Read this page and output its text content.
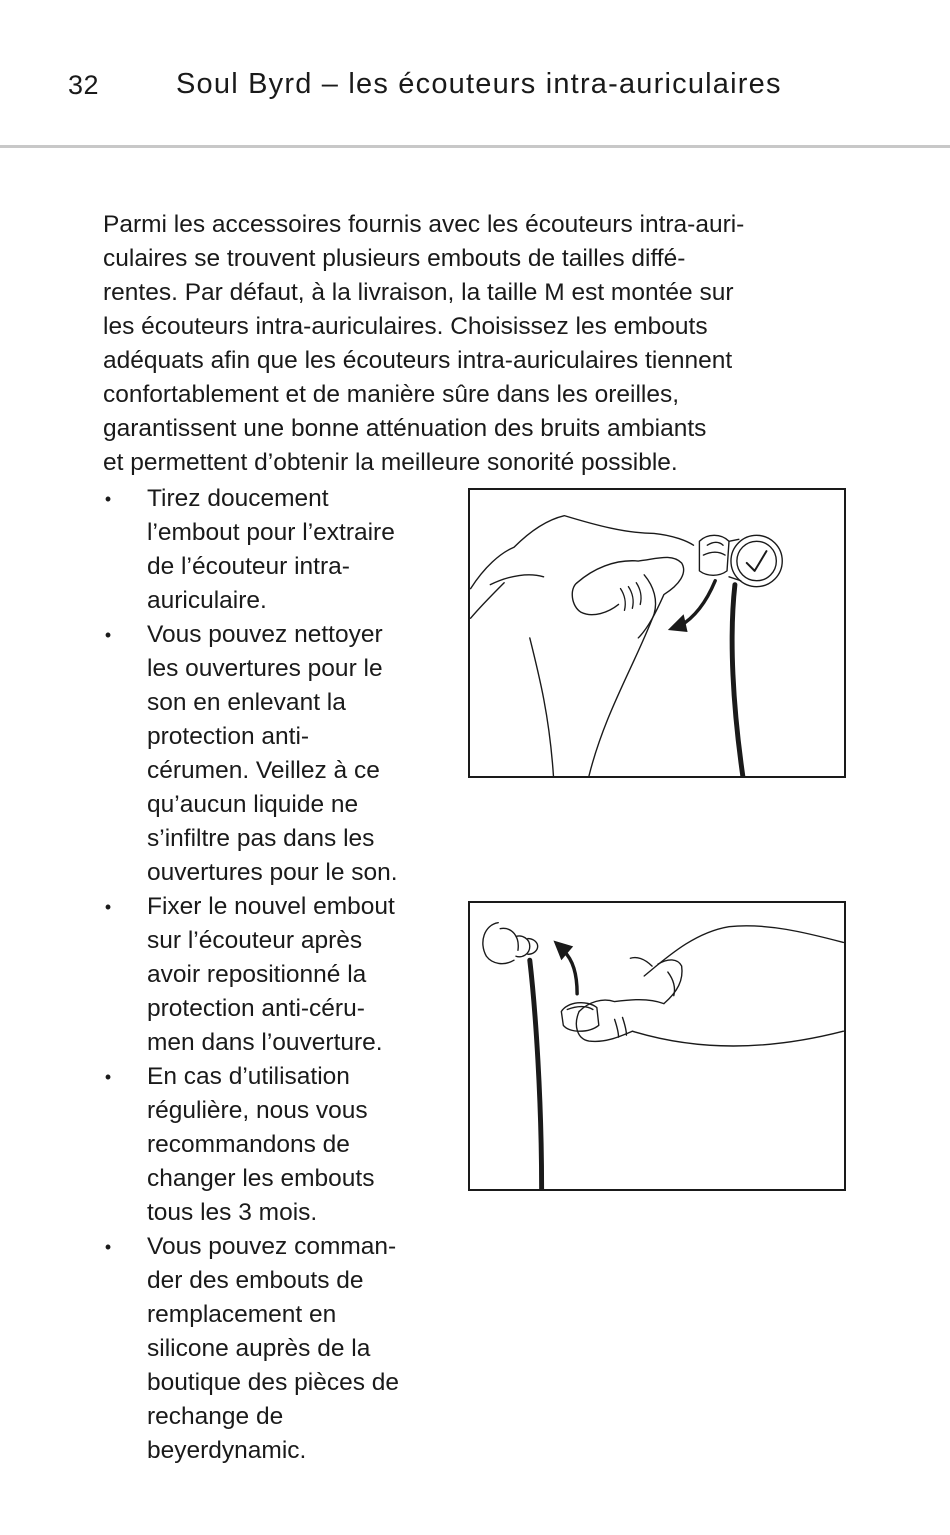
32	Soul Byrd – les écouteurs intra-auriculaires

Parmi les accessoires fournis avec les écouteurs intra-auri-
culaires se trouvent plusieurs embouts de tailles diffé-
rentes. Par défaut, à la livraison, la taille M est montée sur
les écouteurs intra-auriculaires. Choisissez les embouts
adéquats afin que les écouteurs intra-auriculaires tiennent
confortablement et de manière sûre dans les oreilles,
garantissent une bonne atténuation des bruits ambiants
et permettent d’obtenir la meilleure sonorité possible.

• Tirez doucement
l’embout pour l’extraire
de l’écouteur intra-
auriculaire.
• Vous pouvez nettoyer
les ouvertures pour le
son en enlevant la
protection anti-
cérumen. Veillez à ce
qu’aucun liquide ne
s’infiltre pas dans les
ouvertures pour le son.
• Fixer le nouvel embout
sur l’écouteur après
avoir repositionné la
protection anti-céru-
men dans l’ouverture.
• En cas d’utilisation
régulière, nous vous
recommandons de
changer les embouts
tous les 3 mois.
• Vous pouvez comman-
der des embouts de
remplacement en
silicone auprès de la
boutique des pièces de
rechange de
beyerdynamic.
